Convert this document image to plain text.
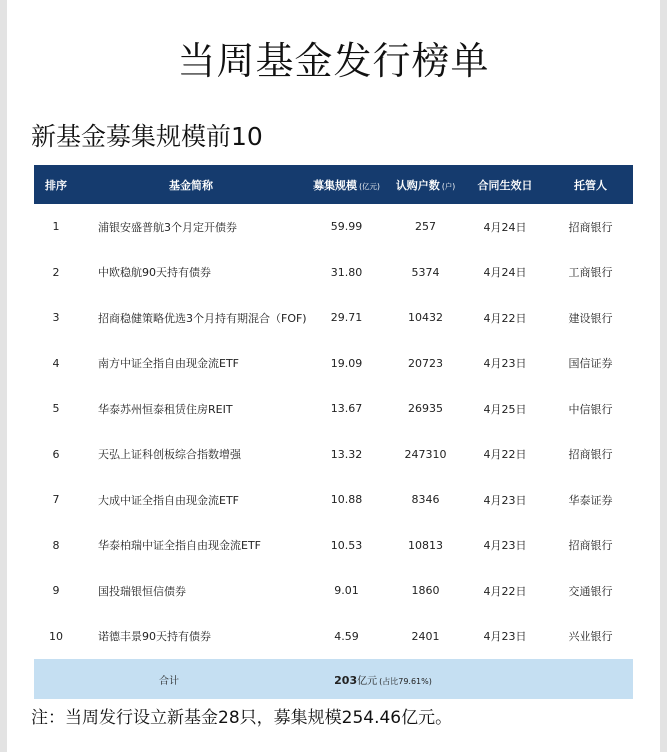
当周基金发行榜单
新基金募集规模前10
排序	基金简称	募集规模 (亿元)	认购户数 (户)	合同生效日	托管人
1	浦银安盛普航3个月定开债券	59.99	257	4月24日	招商银行
2	中欧稳航90天持有债券	31.80	5374	4月24日	工商银行
3	招商稳健策略优选3个月持有期混合（FOF)	29.71	10432	4月22日	建设银行
4	南方中证全指自由现金流ETF	19.09	20723	4月23日	国信证券
5	华泰苏州恒泰租赁住房REIT	13.67	26935	4月25日	中信银行
6	天弘上证科创板综合指数增强	13.32	247310	4月22日	招商银行
7	大成中证全指自由现金流ETF	10.88	8346	4月23日	华泰证券
8	华泰柏瑞中证全指自由现金流ETF	10.53	10813	4月23日	招商银行
9	国投瑞银恒信债券	9.01	1860	4月22日	交通银行
10	诺德丰景90天持有债券	4.59	2401	4月23日	兴业银行
合计		203亿元 (占比79.61%)			

注：当周发行设立新基金28只，募集规模254.46亿元。
